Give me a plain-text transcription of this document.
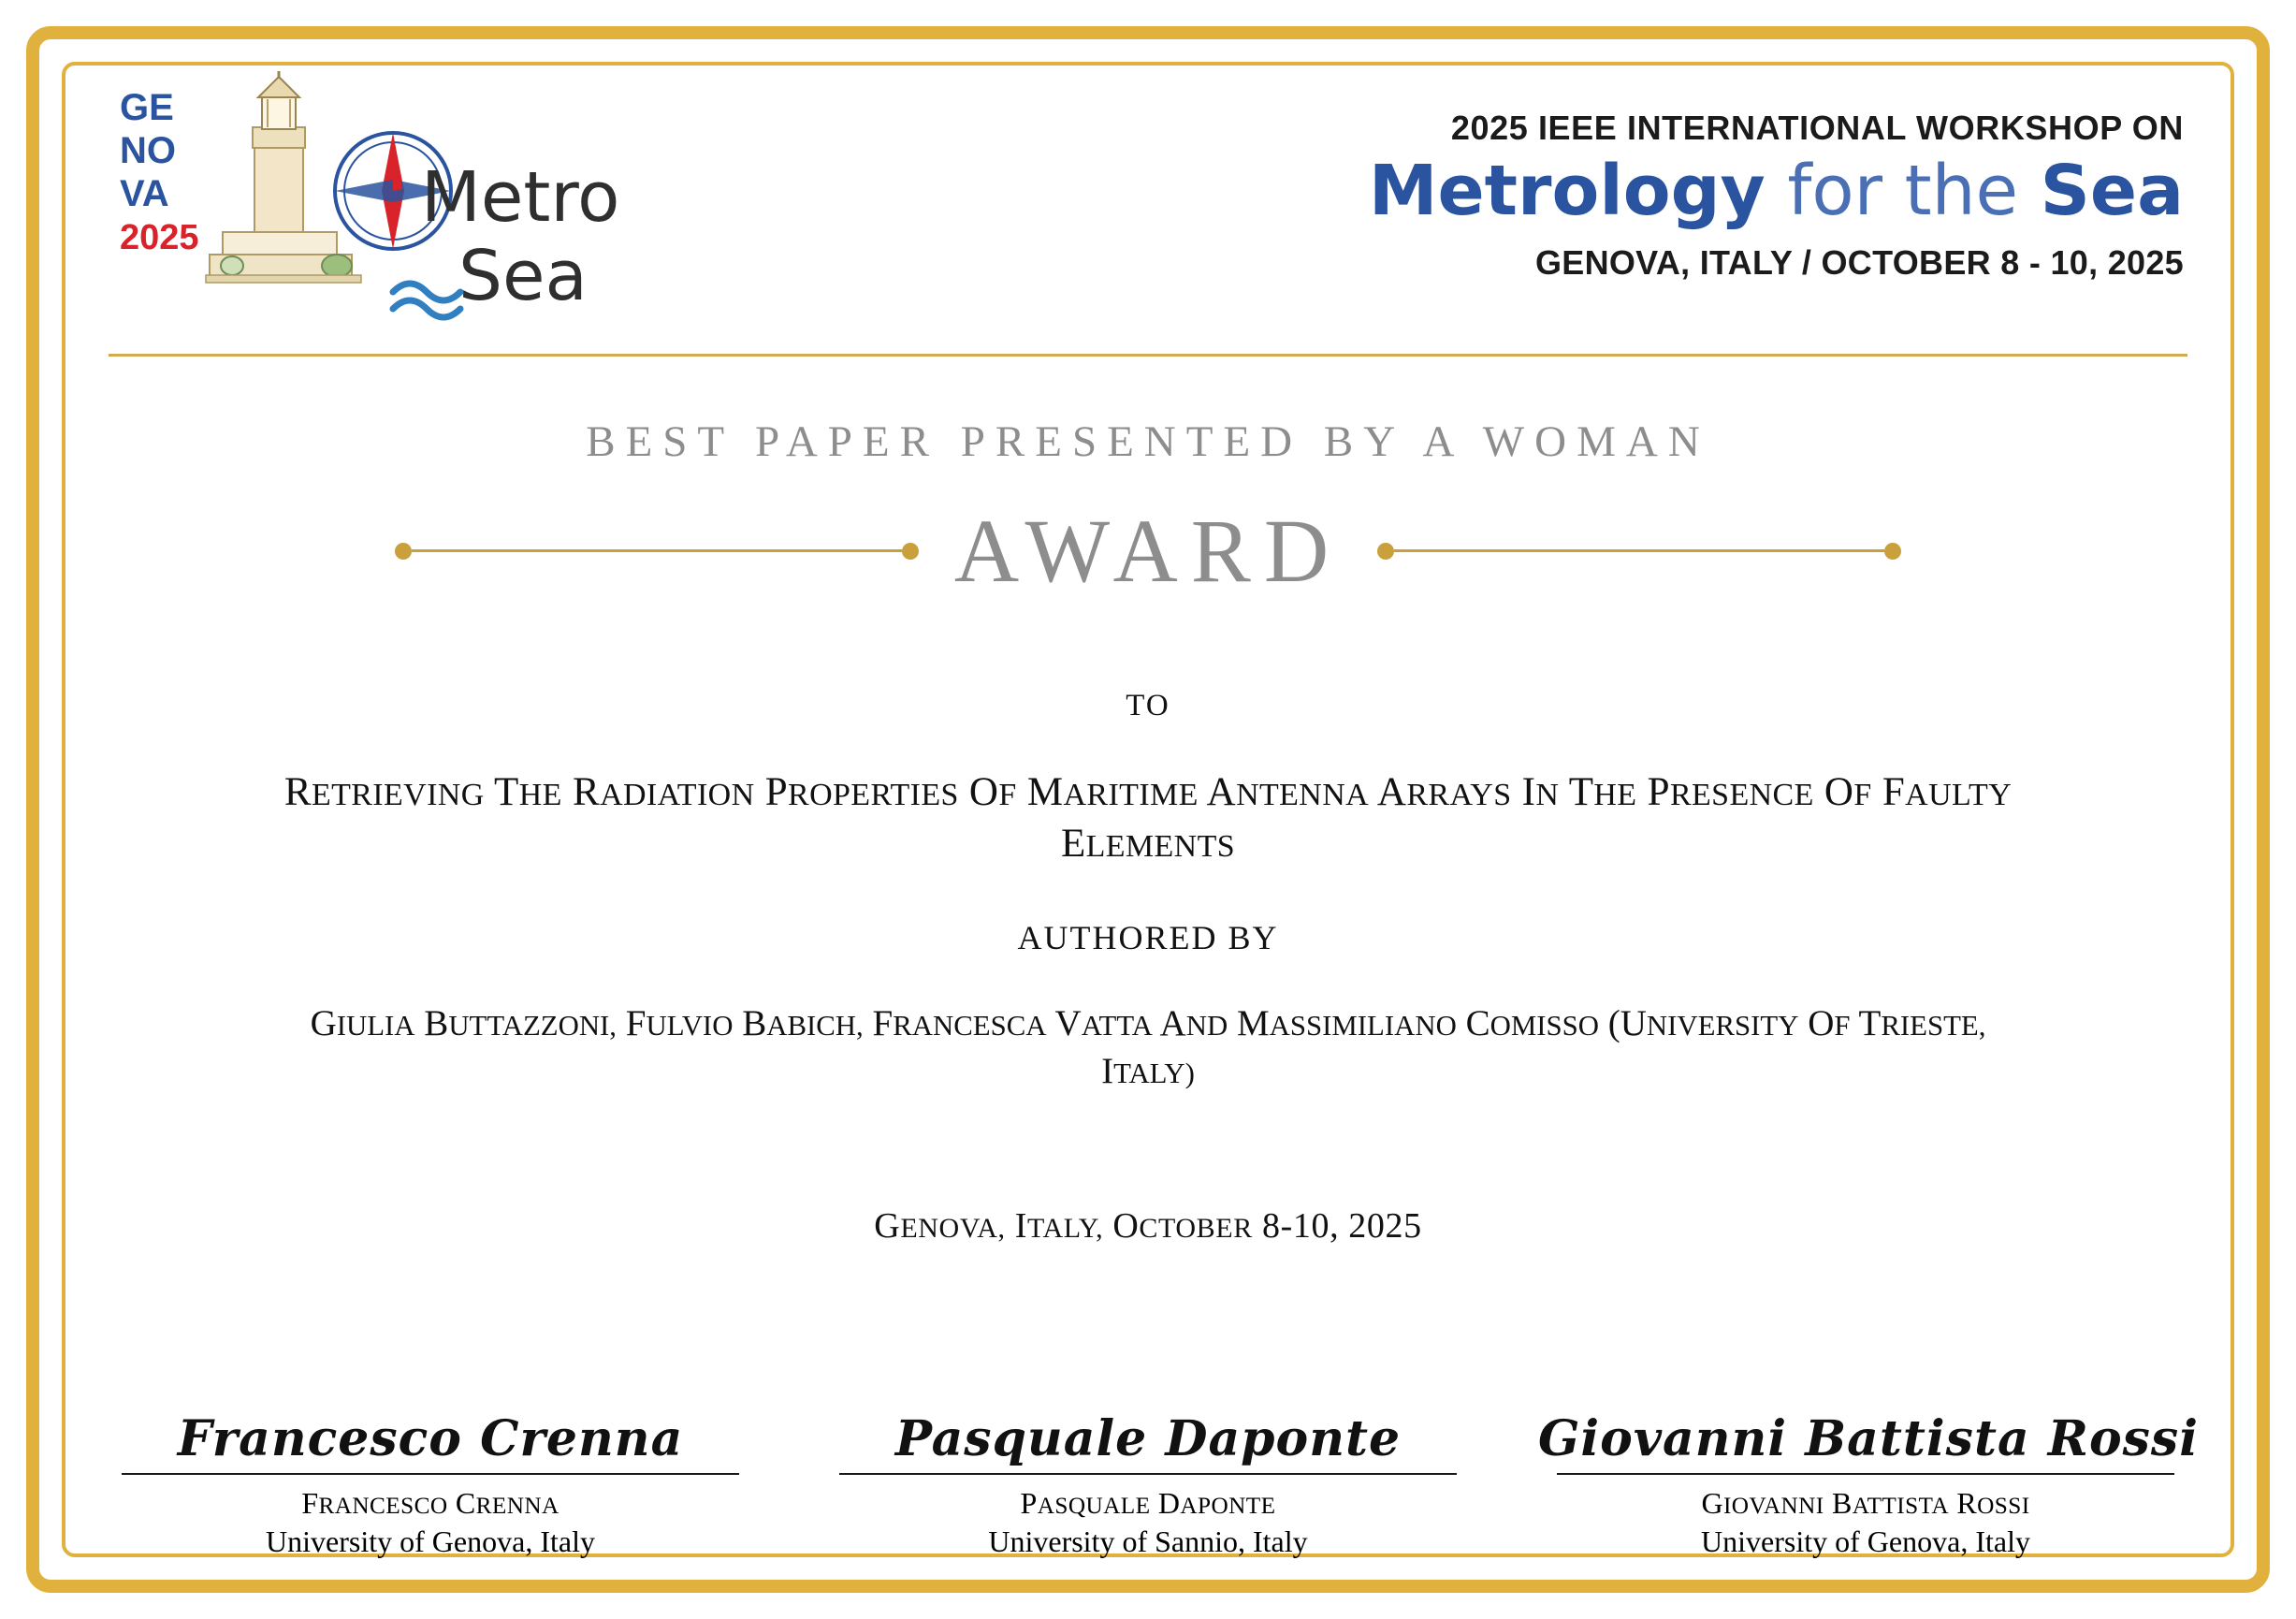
GE
NO
VA
2025	Metro
Sea
2025 IEEE INTERNATIONAL WORKSHOP ON
Metrology for the Sea
GENOVA, ITALY / OCTOBER 8 - 10, 2025
BEST PAPER PRESENTED BY A WOMAN
AWARD
TO
RETRIEVING THE RADIATION PROPERTIES OF MARITIME ANTENNA ARRAYS IN THE PRESENCE OF FAULTY ELEMENTS
AUTHORED BY
GIULIA BUTTAZZONI, FULVIO BABICH, FRANCESCA VATTA AND MASSIMILIANO COMISSO (UNIVERSITY OF TRIESTE, ITALY)
GENOVA, ITALY, OCTOBER 8-10, 2025
Francesco Crenna
FRANCESCO CRENNA
University of Genova, Italy
Pasquale Daponte
PASQUALE DAPONTE
University of Sannio, Italy
Giovanni Battista Rossi
GIOVANNI BATTISTA ROSSI
University of Genova, Italy
